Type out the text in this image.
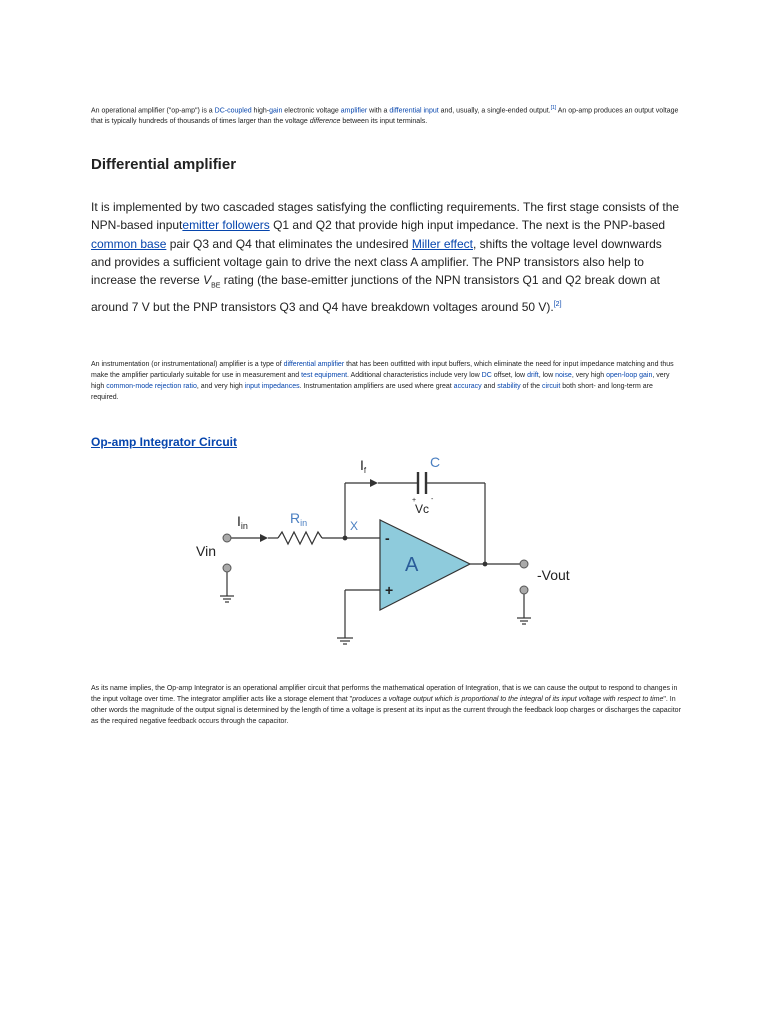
An operational amplifier ("op-amp") is a DC-coupled high-gain electronic voltage amplifier with a differential input and, usually, a single-ended output.[1] An op-amp produces an output voltage that is typically hundreds of thousands of times larger than the voltage difference between its input terminals.

Differential amplifier

It is implemented by two cascaded stages satisfying the conflicting requirements. The first stage consists of the NPN-based inputemitter followers Q1 and Q2 that provide high input impedance. The next is the PNP-based common base pair Q3 and Q4 that eliminates the undesired Miller effect, shifts the voltage level downwards and provides a sufficient voltage gain to drive the next class A amplifier. The PNP transistors also help to increase the reverse $V_{BE}$ rating (the base-emitter junctions of the NPN transistors Q1 and Q2 break down at around 7 V but the PNP transistors Q3 and Q4 have breakdown voltages around 50 V).[2]

An instrumentation (or instrumentational) amplifier is a type of differential amplifier that has been outfitted with input buffers, which eliminate the need for input impedance matching and thus make the amplifier particularly suitable for use in measurement and test equipment. Additional characteristics include very low DC offset, low drift, low noise, very high open-loop gain, very high common-mode rejection ratio, and very high input impedances. Instrumentation amplifiers are used where great accuracy and stability of the circuit both short- and long-term are required.

Op-amp Integrator Circuit
$I_f$
C
+ -
Vc
$I_{in}$	$R_{in}$	X
Vin
A
-
+
-Vout

As its name implies, the Op-amp Integrator is an operational amplifier circuit that performs the mathematical operation of Integration, that is we can cause the output to respond to changes in the input voltage over time. The integrator amplifier acts like a storage element that "produces a voltage output which is proportional to the integral of its input voltage with respect to time". In other words the magnitude of the output signal is determined by the length of time a voltage is present at its input as the current through the feedback loop charges or discharges the capacitor as the required negative feedback occurs through the capacitor.
